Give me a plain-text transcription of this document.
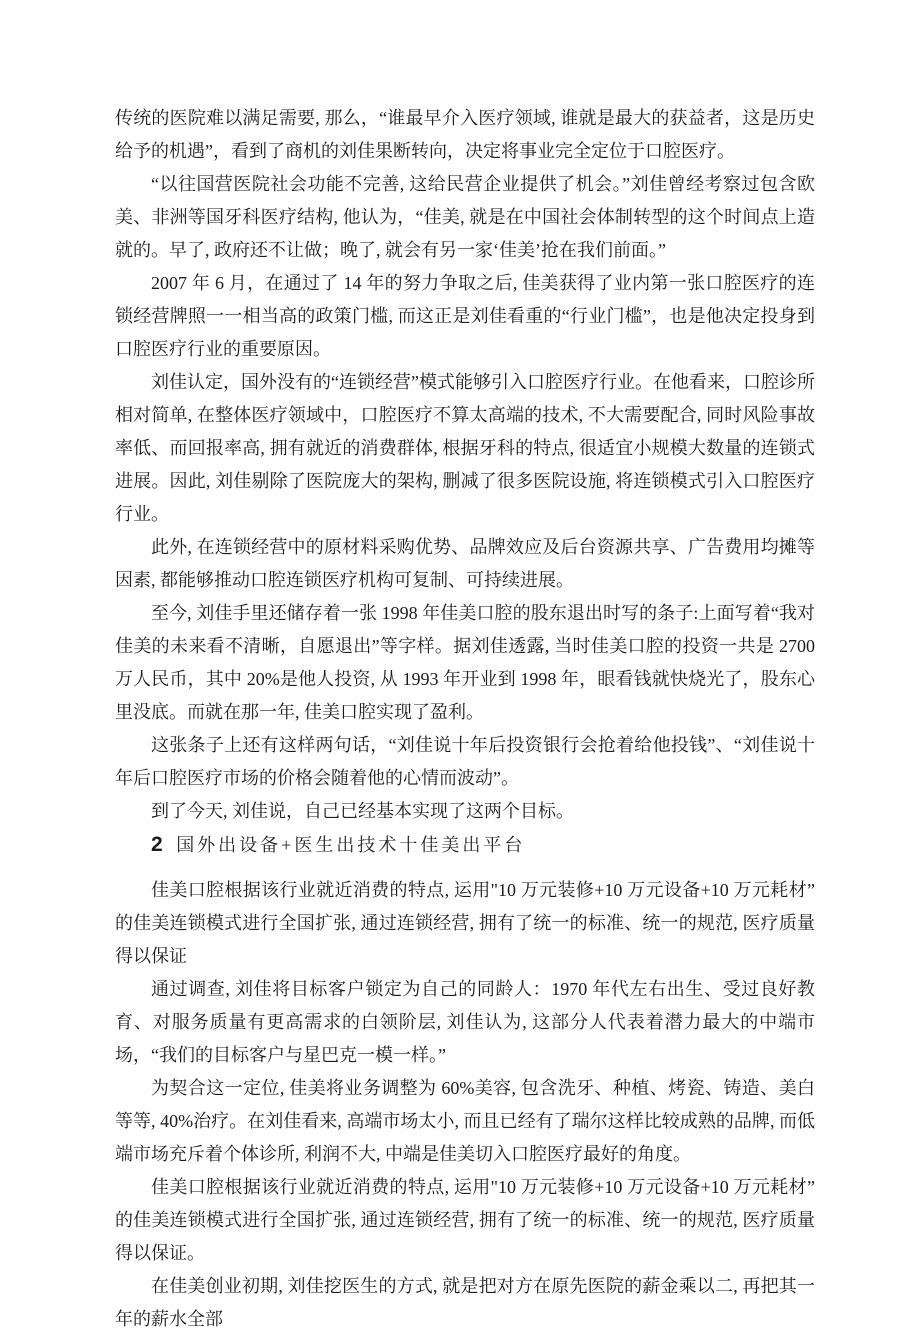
传统的医院难以满足需要, 那么，“谁最早介入医疗领域, 谁就是最大的获益者，这是历史给予的机遇”，看到了商机的刘佳果断转向，决定将事业完全定位于口腔医疗。

“以往国营医院社会功能不完善, 这给民营企业提供了机会。”刘佳曾经考察过包含欧美、非洲等国牙科医疗结构, 他认为，“佳美, 就是在中国社会体制转型的这个时间点上造就的。早了, 政府还不让做；晚了, 就会有另一家‘佳美’抢在我们前面。”

2007 年 6 月，在通过了 14 年的努力争取之后, 佳美获得了业内第一张口腔医疗的连锁经营牌照一一相当高的政策门槛, 而这正是刘佳看重的“行业门槛”，也是他决定投身到口腔医疗行业的重要原因。

刘佳认定，国外没有的“连锁经营”模式能够引入口腔医疗行业。在他看来，口腔诊所相对简单, 在整体医疗领域中，口腔医疗不算太高端的技术, 不大需要配合, 同时风险事故率低、而回报率高, 拥有就近的消费群体, 根据牙科的特点, 很适宜小规模大数量的连锁式进展。因此, 刘佳剔除了医院庞大的架构, 删减了很多医院设施, 将连锁模式引入口腔医疗行业。

此外, 在连锁经营中的原材料采购优势、品牌效应及后台资源共享、广告费用均摊等因素, 都能够推动口腔连锁医疗机构可复制、可持续进展。

至今, 刘佳手里还储存着一张 1998 年佳美口腔的股东退出时写的条子:上面写着“我对佳美的未来看不清晰，自愿退出”等字样。据刘佳透露, 当时佳美口腔的投资一共是 2700 万人民币，其中 20%是他人投资, 从 1993 年开业到 1998 年，眼看钱就快烧光了，股东心里没底。而就在那一年, 佳美口腔实现了盈利。

这张条子上还有这样两句话，“刘佳说十年后投资银行会抢着给他投钱”、“刘佳说十年后口腔医疗市场的价格会随着他的心情而波动”。

到了今天, 刘佳说，自己已经基本实现了这两个目标。

2 国外出设备+医生出技术十佳美出平台

佳美口腔根据该行业就近消费的特点, 运用"10 万元装修+10 万元设备+10 万元耗材”的佳美连锁模式进行全国扩张, 通过连锁经营, 拥有了统一的标准、统一的规范, 医疗质量得以保证

通过调查, 刘佳将目标客户锁定为自己的同龄人：1970 年代左右出生、受过良好教育、对服务质量有更高需求的白领阶层, 刘佳认为, 这部分人代表着潜力最大的中端市场，“我们的目标客户与星巴克一模一样。”

为契合这一定位, 佳美将业务调整为 60%美容, 包含洗牙、种植、烤瓷、铸造、美白等等, 40%治疗。在刘佳看来, 高端市场太小, 而且已经有了瑞尔这样比较成熟的品牌, 而低端市场充斥着个体诊所, 利润不大, 中端是佳美切入口腔医疗最好的角度。

佳美口腔根据该行业就近消费的特点, 运用"10 万元装修+10 万元设备+10 万元耗材”的佳美连锁模式进行全国扩张, 通过连锁经营, 拥有了统一的标准、统一的规范, 医疗质量得以保证。

在佳美创业初期, 刘佳挖医生的方式, 就是把对方在原先医院的薪金乘以二, 再把其一年的薪水全部
